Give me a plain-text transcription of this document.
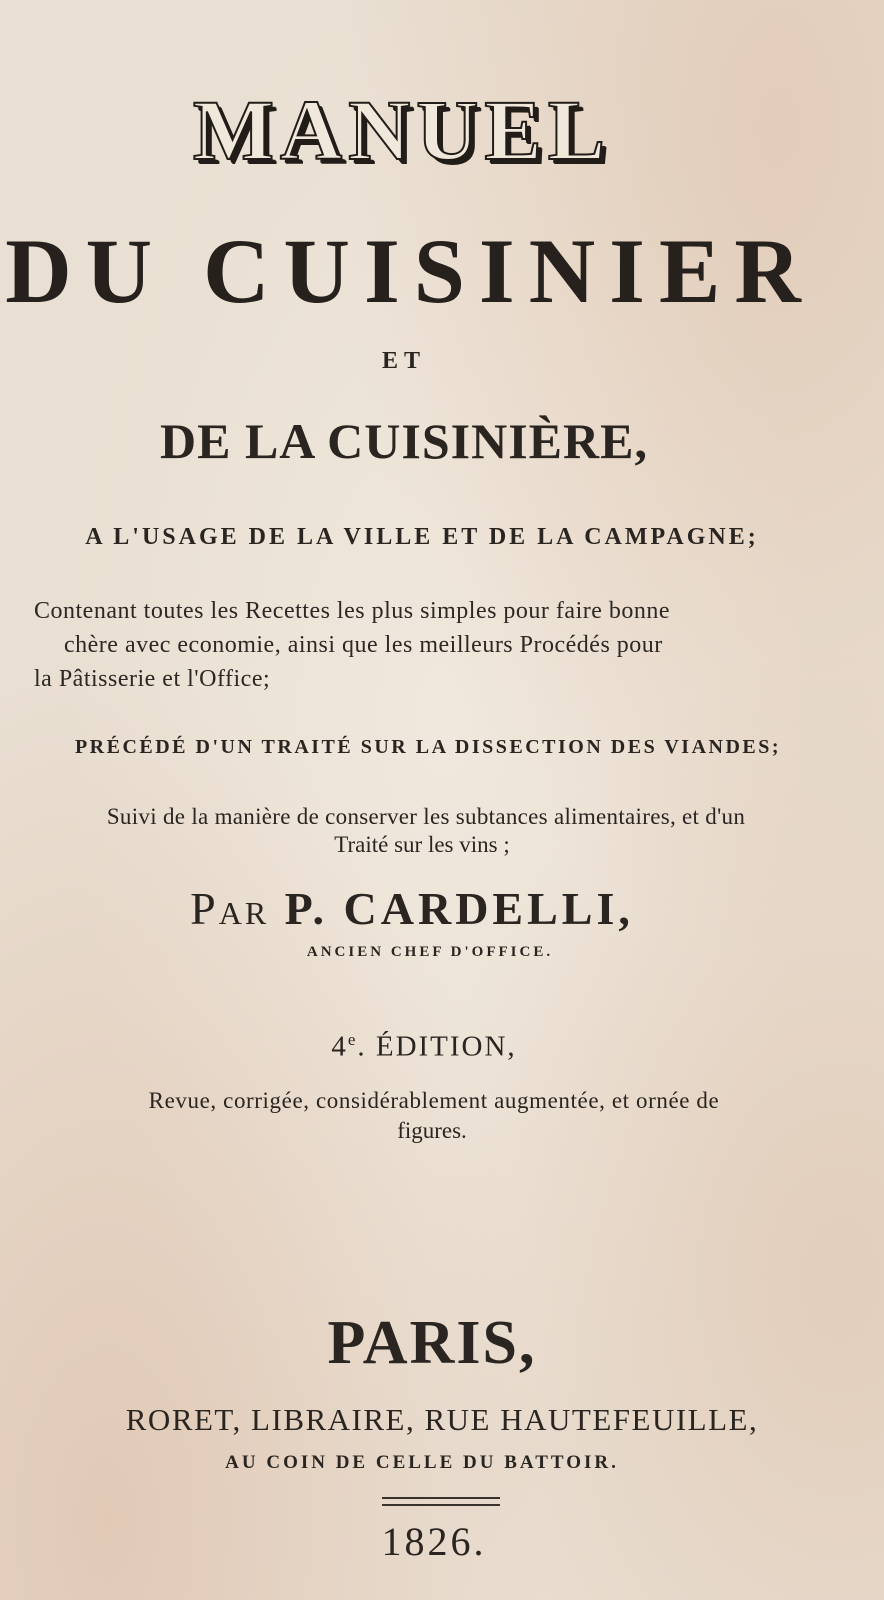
MANUEL
DU CUISINIER
ET
DE LA CUISINIÈRE,
A L'USAGE DE LA VILLE ET DE LA CAMPAGNE;
Contenant toutes les Recettes les plus simples pour faire bonne
chère avec economie, ainsi que les meilleurs Procédés pour
la Pâtisserie et l'Office;
PRÉCÉDÉ D'UN TRAITÉ SUR LA DISSECTION DES VIANDES;
Suivi de la manière de conserver les subtances alimentaires, et d'un
Traité sur les vins ;
PAR P. CARDELLI,
ANCIEN CHEF D'OFFICE.
4e. ÉDITION,
Revue, corrigée, considérablement augmentée, et ornée de
figures.
PARIS,
RORET, LIBRAIRE, RUE HAUTEFEUILLE,
AU COIN DE CELLE DU BATTOIR.
1826.
